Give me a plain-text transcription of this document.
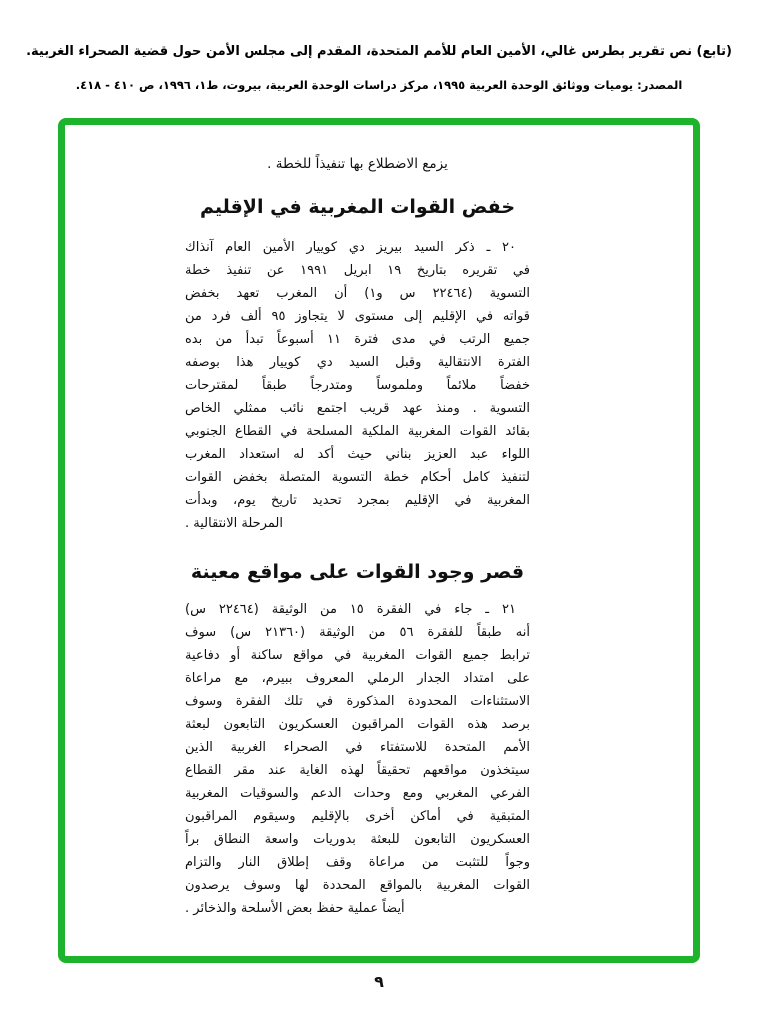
(تابع) نص تقرير بطرس غالي، الأمين العام للأمم المتحدة، المقدم إلى مجلس الأمن حول قضية الصحراء الغربية.
المصدر: يوميات ووثائق الوحدة العربية ١٩٩٥، مركز دراسات الوحدة العربية، بيروت، ط١، ١٩٩٦، ص ٤١٠ - ٤١٨.
يزمع الاضطلاع بها تنفيذاً للخطة .
خفض القوات المغربية في الإقليم
٢٠ ـ ذكر السيد بيريز دي كوييار الأمين العام آنذاك
في تقريره بتاريخ ١٩ ابريل ١٩٩١ عن تنفيذ خطة
التسوية (٢٢٤٦٤ س و١) أن المغرب تعهد بخفض
قواته في الإقليم إلى مستوى لا يتجاوز ٩٥ ألف فرد من
جميع الرتب في مدى فترة ١١ أسبوعاً تبدأ من بده
الفترة الانتقالية وقبل السيد دي كوييار هذا بوصفه
خفضاً ملائماً وملموساً ومتدرجاً طبقاً لمقترحات
التسوية . ومنذ عهد قريب اجتمع نائب ممثلي الخاص
بقائد القوات المغربية الملكية المسلحة في القطاع الجنوبي
اللواء عبد العزيز بناني حيث أكد له استعداد المغرب
لتنفيذ كامل أحكام خطة التسوية المتصلة بخفض القوات
المغربية في الإقليم بمجرد تحديد تاريخ يوم، وبدأت
المرحلة الانتقالية .
قصر وجود القوات على مواقع معينة
٢١ ـ جاء في الفقرة ١٥ من الوثيقة (٢٢٤٦٤ س)
أنه طبقاً للفقرة ٥٦ من الوثيقة (٢١٣٦٠ س) سوف
ترابط جميع القوات المغربية في مواقع ساكنة أو دفاعية
على امتداد الجدار الرملي المعروف ببيرم، مع مراعاة
الاستثناءات المحدودة المذكورة في تلك الفقرة وسوف
برصد هذه القوات المراقبون العسكريون التابعون لبعثة
الأمم المتحدة للاستفتاء في الصحراء الغربية الذين
سيتخذون مواقعهم تحقيقاً لهذه الغاية عند مقر القطاع
الفرعي المغربي ومع وحدات الدعم والسوقيات المغربية
المتبقية في أماكن أخرى بالإقليم وسيقوم المراقبون
العسكريون التابعون للبعثة بدوريات واسعة النطاق براً
وجواً للتثبت من مراعاة وقف إطلاق النار والتزام
القوات المغربية بالمواقع المحددة لها وسوف يرصدون
أيضاً عملية حفظ بعض الأسلحة والذخائر .
٩
